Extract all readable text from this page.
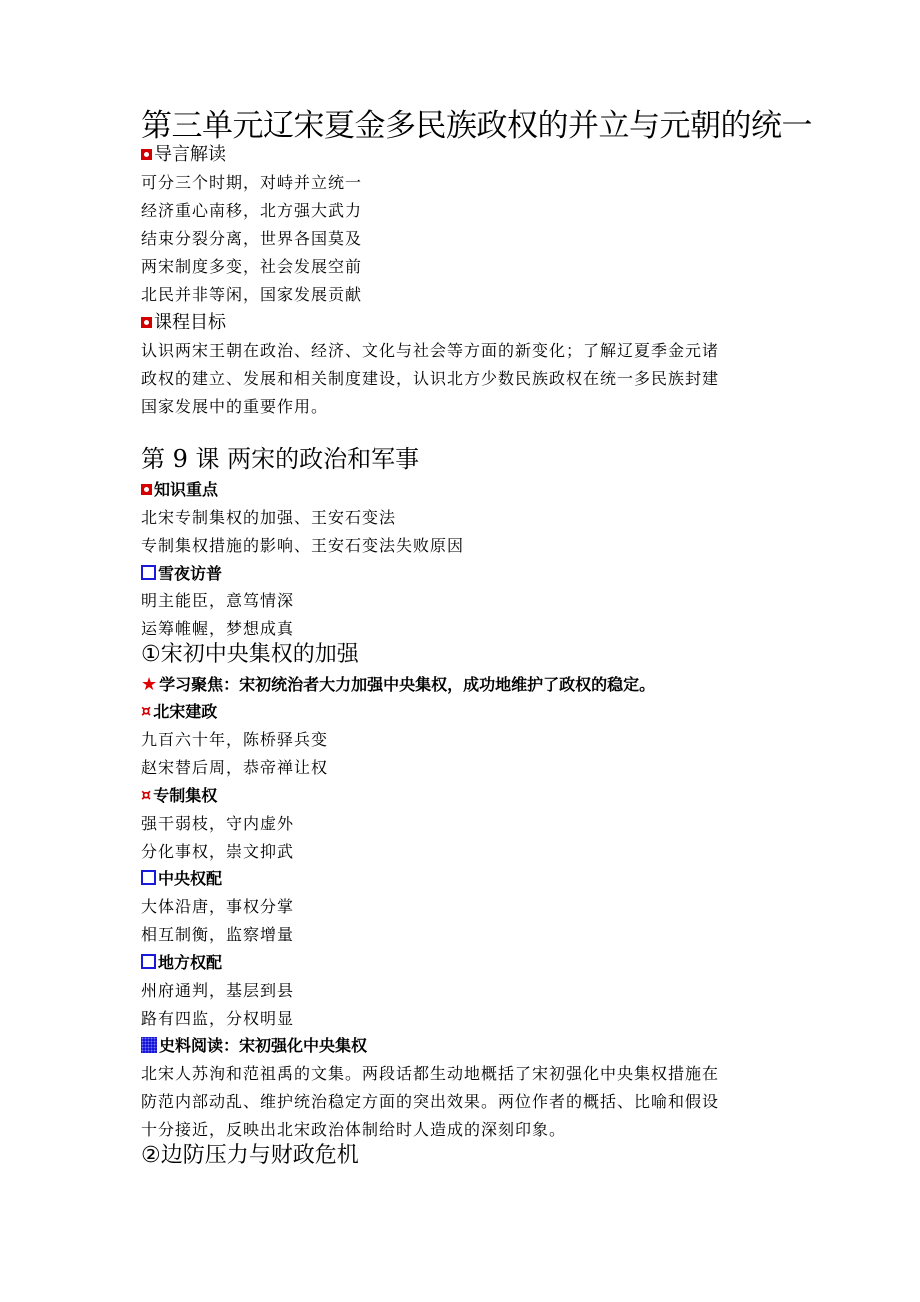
第三单元辽宋夏金多民族政权的并立与元朝的统一
导言解读
可分三个时期，对峙并立统一
经济重心南移，北方强大武力
结束分裂分离，世界各国莫及
两宋制度多变，社会发展空前
北民并非等闲，国家发展贡献
课程目标
认识两宋王朝在政治、经济、文化与社会等方面的新变化；了解辽夏季金元诸
政权的建立、发展和相关制度建设，认识北方少数民族政权在统一多民族封建
国家发展中的重要作用。
第 9 课 两宋的政治和军事
知识重点
北宋专制集权的加强、王安石变法
专制集权措施的影响、王安石变法失败原因
雪夜访普
明主能臣，意笃情深
运筹帷幄，梦想成真
①宋初中央集权的加强
★ 学习聚焦：宋初统治者大力加强中央集权，成功地维护了政权的稳定。
¤ 北宋建政
九百六十年，陈桥驿兵变
赵宋替后周，恭帝禅让权
¤ 专制集权
强干弱枝，守内虚外
分化事权，崇文抑武
中央权配
大体沿唐，事权分掌
相互制衡，监察增量
地方权配
州府通判，基层到县
路有四监，分权明显
史料阅读：宋初强化中央集权
北宋人苏洵和范祖禹的文集。两段话都生动地概括了宋初强化中央集权措施在
防范内部动乱、维护统治稳定方面的突出效果。两位作者的概括、比喻和假设
十分接近，反映出北宋政治体制给时人造成的深刻印象。
②边防压力与财政危机
